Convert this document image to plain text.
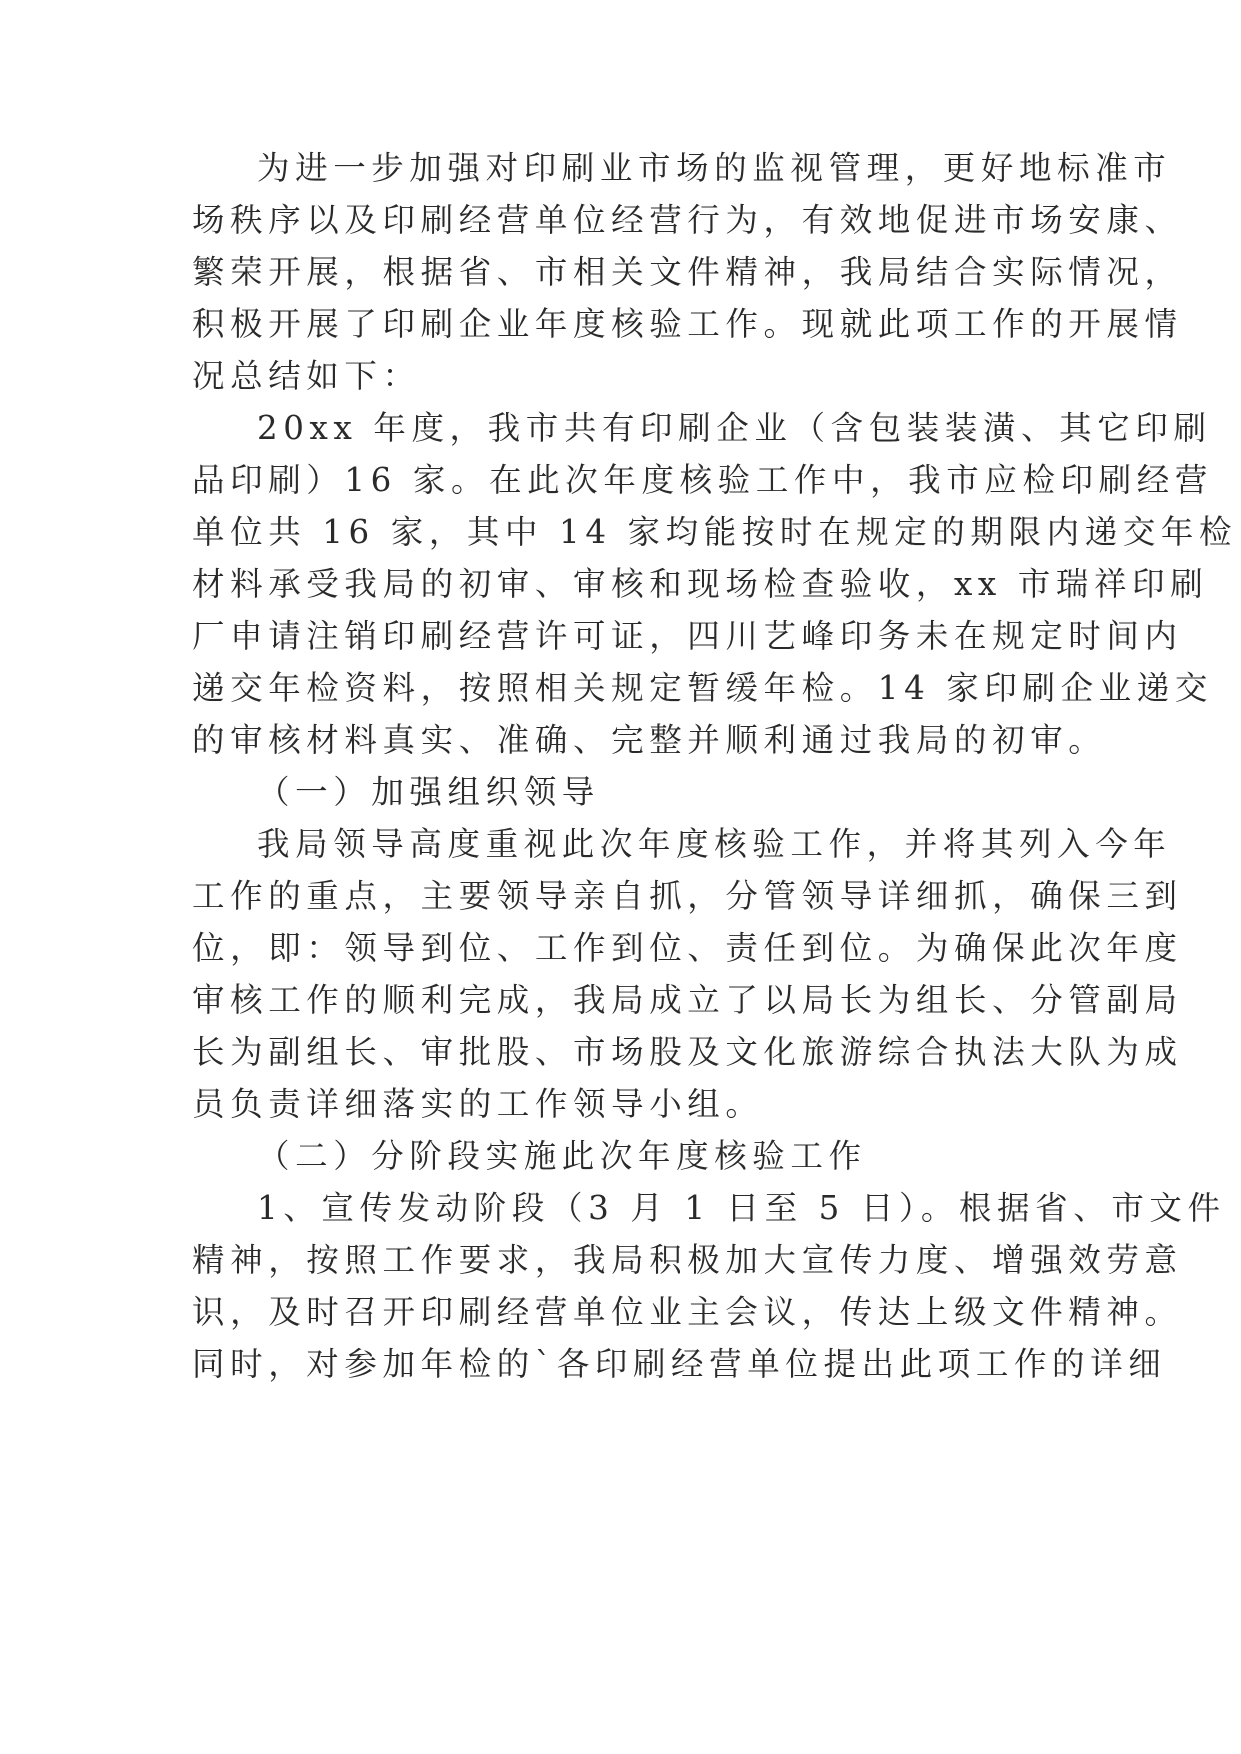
为进一步加强对印刷业市场的监视管理，更好地标准市
场秩序以及印刷经营单位经营行为，有效地促进市场安康、
繁荣开展，根据省、市相关文件精神，我局结合实际情况，
积极开展了印刷企业年度核验工作。现就此项工作的开展情
况总结如下：
20xx 年度，我市共有印刷企业（含包装装潢、其它印刷
品印刷）16 家。在此次年度核验工作中，我市应检印刷经营
单位共 16 家，其中 14 家均能按时在规定的期限内递交年检
材料承受我局的初审、审核和现场检查验收，xx 市瑞祥印刷
厂申请注销印刷经营许可证，四川艺峰印务未在规定时间内
递交年检资料，按照相关规定暂缓年检。14 家印刷企业递交
的审核材料真实、准确、完整并顺利通过我局的初审。
（一）加强组织领导
我局领导高度重视此次年度核验工作，并将其列入今年
工作的重点，主要领导亲自抓，分管领导详细抓，确保三到
位，即：领导到位、工作到位、责任到位。为确保此次年度
审核工作的顺利完成，我局成立了以局长为组长、分管副局
长为副组长、审批股、市场股及文化旅游综合执法大队为成
员负责详细落实的工作领导小组。
（二）分阶段实施此次年度核验工作
1、宣传发动阶段（3 月 1 日至 5 日）。根据省、市文件
精神，按照工作要求，我局积极加大宣传力度、增强效劳意
识，及时召开印刷经营单位业主会议，传达上级文件精神。
同时，对参加年检的`各印刷经营单位提出此项工作的详细
